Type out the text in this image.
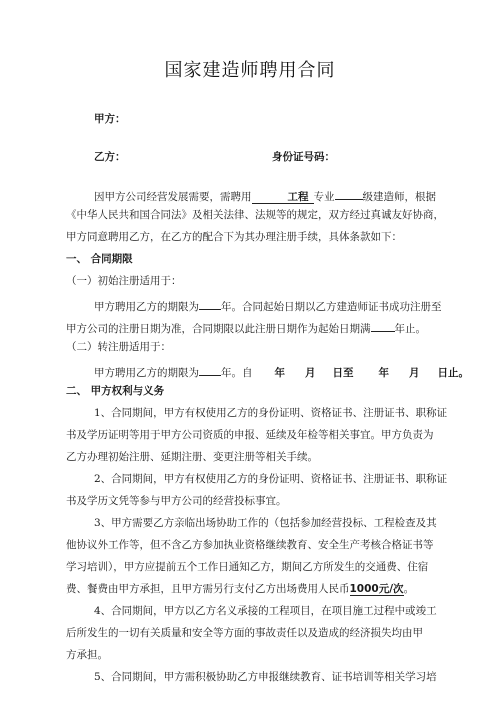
国家建造师聘用合同
甲方：
乙方：	身份证号码：
因甲方公司经营发展需要，需聘用	工程 专业	级建造师，根据
《中华人民共和国合同法》及相关法律、法规等的规定，双方经过真诚友好协商，
甲方同意聘用乙方，在乙方的配合下为其办理注册手续，具体条款如下：
一、 合同期限
（一）初始注册适用于：
甲方聘用乙方的期限为 年。合同起始日期以乙方建造师证书成功注册至
甲方公司的注册日期为准，合同期限以此注册日期作为起始日期满 年止。
（二）转注册适用于：
甲方聘用乙方的期限为 年。自 年 月 日至 年 月 日止。
二、 甲方权利与义务
1、合同期间，甲方有权使用乙方的身份证明、资格证书、注册证书、职称证
书及学历证明等用于甲方公司资质的申报、延续及年检等相关事宜。甲方负责为
乙方办理初始注册、延期注册、变更注册等相关手续。
2、合同期间，甲方有权使用乙方的身份证明、资格证书、注册证书、职称证
书及学历文凭等参与甲方公司的经营投标事宜。
3、甲方需要乙方亲临出场协助工作的（包括参加经营投标、工程检查及其
他协议外工作等，但不含乙方参加执业资格继续教育、安全生产考核合格证书等
学习培训），甲方应提前五个工作日通知乙方，期间乙方所发生的交通费、住宿
费、餐费由甲方承担，且甲方需另行支付乙方出场费用人民币1000元/次。
4、合同期间，甲方以乙方名义承接的工程项目，在项目施工过程中或竣工
后所发生的一切有关质量和安全等方面的事故责任以及造成的经济损失均由甲
方承担。
5、合同期间，甲方需积极协助乙方申报继续教育、证书培训等相关学习培
